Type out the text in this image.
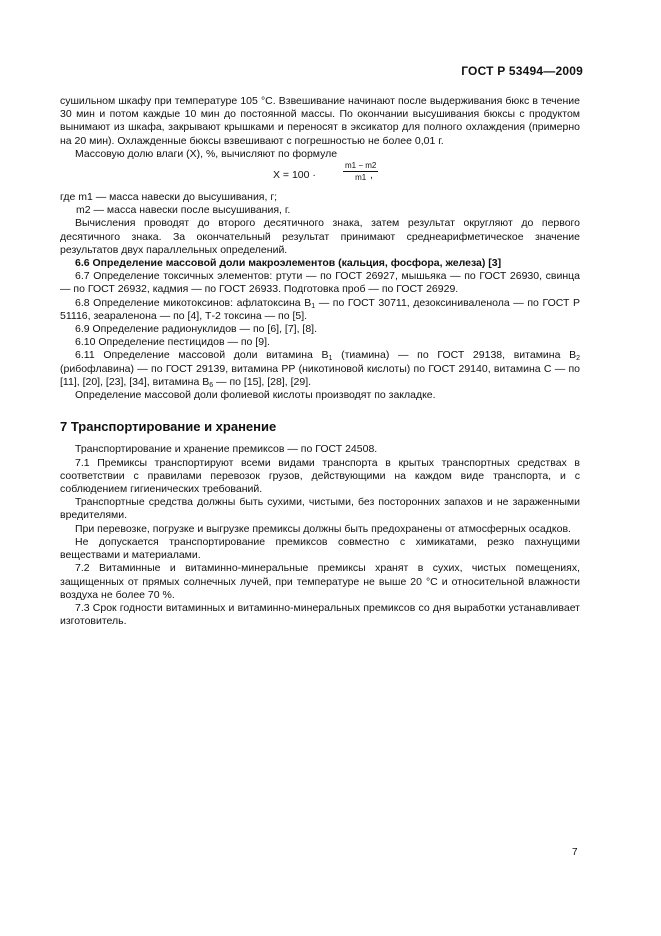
ГОСТ Р 53494—2009

сушильном шкафу при температуре 105 °С. Взвешивание начинают после выдерживания бюкс в течение 30 мин и потом каждые 10 мин до постоянной массы. По окончании высушивания бюксы с продуктом вынимают из шкафа, закрывают крышками и переносят в эксикатор для полного охлаждения (примерно на 20 мин). Охлажденные бюксы взвешивают с погрешностью не более 0,01 г.

Массовую долю влаги (X), %, вычисляют по формуле

X = 100 ·	$\frac{m1 - m2}{m1}$
,

где m1 — масса навески до высушивания, г;

m2 — масса навески после высушивания, г.

Вычисления проводят до второго десятичного знака, затем результат округляют до первого десятичного знака. За окончательный результат принимают среднеарифметическое значение результатов двух параллельных определений.

6.6 Определение массовой доли макроэлементов (кальция, фосфора, железа) [3]

6.7 Определение токсичных элементов: ртути — по ГОСТ 26927, мышьяка — по ГОСТ 26930, свинца — по ГОСТ 26932, кадмия — по ГОСТ 26933. Подготовка проб — по ГОСТ 26929.

6.8 Определение микотоксинов: афлатоксина $B_1$ — по ГОСТ 30711, дезоксиниваленола — по ГОСТ Р 51116, зеараленона — по [4], Т-2 токсина — по [5].

6.9 Определение радионуклидов — по [6], [7], [8].

6.10 Определение пестицидов — по [9].

6.11 Определение массовой доли витамина $B_1$ (тиамина) — по ГОСТ 29138, витамина $B_2$ (рибофлавина) — по ГОСТ 29139, витамина РР (никотиновой кислоты) по ГОСТ 29140, витамина С — по [11], [20], [23], [34], витамина $B_6$ — по [15], [28], [29].

Определение массовой доли фолиевой кислоты производят по закладке.

7 Транспортирование и хранение

Транспортирование и хранение премиксов — по ГОСТ 24508.

7.1 Премиксы транспортируют всеми видами транспорта в крытых транспортных средствах в соответствии с правилами перевозок грузов, действующими на каждом виде транспорта, и с соблюдением гигиенических требований.

Транспортные средства должны быть сухими, чистыми, без посторонних запахов и не зараженными вредителями.

При перевозке, погрузке и выгрузке премиксы должны быть предохранены от атмосферных осадков.

Не допускается транспортирование премиксов совместно с химикатами, резко пахнущими веществами и материалами.

7.2 Витаминные и витаминно-минеральные премиксы хранят в сухих, чистых помещениях, защищенных от прямых солнечных лучей, при температуре не выше 20 °С и относительной влажности воздуха не более 70 %.

7.3 Срок годности витаминных и витаминно-минеральных премиксов со дня выработки устанавливает изготовитель.

7
